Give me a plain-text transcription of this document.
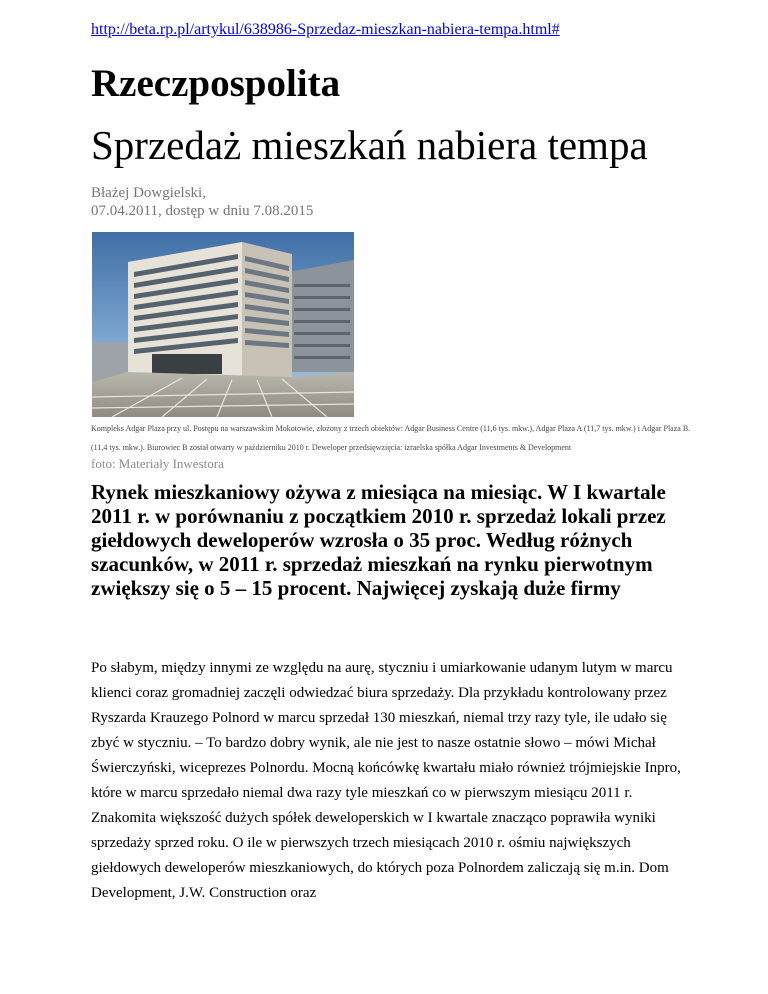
http://beta.rp.pl/artykul/638986-Sprzedaz-mieszkan-nabiera-tempa.html#
Rzeczpospolita
Sprzedaż mieszkań nabiera tempa
Błażej Dowgielski,
07.04.2011, dostęp w dniu 7.08.2015
Kompleks Adgar Plaza przy ul. Postępu na warszawskim Mokotowie, złożony z trzech obiektów: Adgar Business Centre (11,6 tys. mkw.), Adgar Plaza A (11,7 tys. mkw.) i Adgar Plaza B. (11,4 tys. mkw.). Biurowiec B został otwarty w październiku 2010 r. Deweloper przedsięwzięcia: izraelska spółka Adgar Investments & Development
foto: Materiały Inwestora

Rynek mieszkaniowy ożywa z miesiąca na miesiąc. W I kwartale 2011 r. w porównaniu z początkiem 2010 r. sprzedaż lokali przez giełdowych deweloperów wzrosła o 35 proc. Według różnych szacunków, w 2011 r. sprzedaż mieszkań na rynku pierwotnym zwiększy się o 5 – 15 procent. Najwięcej zyskają duże firmy

Po słabym, między innymi ze względu na aurę, styczniu i umiarkowanie udanym lutym w marcu klienci coraz gromadniej zaczęli odwiedzać biura sprzedaży. Dla przykładu kontrolowany przez Ryszarda Krauzego Polnord w marcu sprzedał 130 mieszkań, niemal trzy razy tyle, ile udało się zbyć w styczniu. – To bardzo dobry wynik, ale nie jest to nasze ostatnie słowo – mówi Michał Świerczyński, wiceprezes Polnordu. Mocną końcówkę kwartału miało również trójmiejskie Inpro, które w marcu sprzedało niemal dwa razy tyle mieszkań co w pierwszym miesiącu 2011 r. Znakomita większość dużych spółek deweloperskich w I kwartale znacząco poprawiła wyniki sprzedaży sprzed roku. O ile w pierwszych trzech miesiącach 2010 r. ośmiu największych giełdowych deweloperów mieszkaniowych, do których poza Polnordem zaliczają się m.in. Dom Development, J.W. Construction oraz
